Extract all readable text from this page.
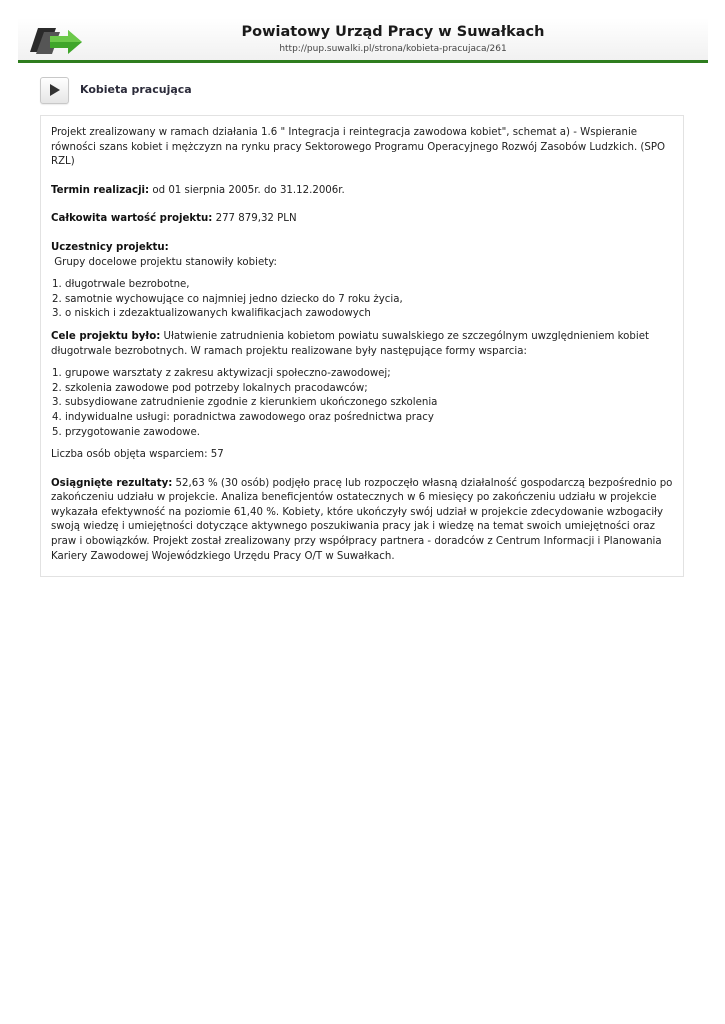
Powiatowy Urząd Pracy w Suwałkach
http://pup.suwalki.pl/strona/kobieta-pracujaca/261
Kobieta pracująca

Projekt zrealizowany w ramach działania 1.6 " Integracja i reintegracja zawodowa kobiet", schemat a) - Wspieranie równości szans kobiet i mężczyzn na rynku pracy Sektorowego Programu Operacyjnego Rozwój Zasobów Ludzkich. (SPO RZL)

Termin realizacji: od 01 sierpnia 2005r. do 31.12.2006r.

Całkowita wartość projektu: 277 879,32 PLN

Uczestnicy projektu:

Grupy docelowe projektu stanowiły kobiety:

1. długotrwale bezrobotne,
2. samotnie wychowujące co najmniej jedno dziecko do 7 roku życia,
3. o niskich i zdezaktualizowanych kwalifikacjach zawodowych

Cele projektu było: Ułatwienie zatrudnienia kobietom powiatu suwalskiego ze szczególnym uwzględnieniem kobiet długotrwale bezrobotnych. W ramach projektu realizowane były następujące formy wsparcia:

1. grupowe warsztaty z zakresu aktywizacji społeczno-zawodowej;
2. szkolenia zawodowe pod potrzeby lokalnych pracodawców;
3. subsydiowane zatrudnienie zgodnie z kierunkiem ukończonego szkolenia
4. indywidualne usługi: poradnictwa zawodowego oraz pośrednictwa pracy
5. przygotowanie zawodowe.

Liczba osób objęta wsparciem: 57

Osiągnięte rezultaty: 52,63 % (30 osób) podjęło pracę lub rozpoczęło własną działalność gospodarczą bezpośrednio po zakończeniu udziału w projekcie. Analiza beneficjentów ostatecznych w 6 miesięcy po zakończeniu udziału w projekcie wykazała efektywność na poziomie 61,40 %. Kobiety, które ukończyły swój udział w projekcie zdecydowanie wzbogaciły swoją wiedzę i umiejętności dotyczące aktywnego poszukiwania pracy jak i wiedzę na temat swoich umiejętności oraz praw i obowiązków. Projekt został zrealizowany przy współpracy partnera - doradców z Centrum Informacji i Planowania Kariery Zawodowej Wojewódzkiego Urzędu Pracy O/T w Suwałkach.
